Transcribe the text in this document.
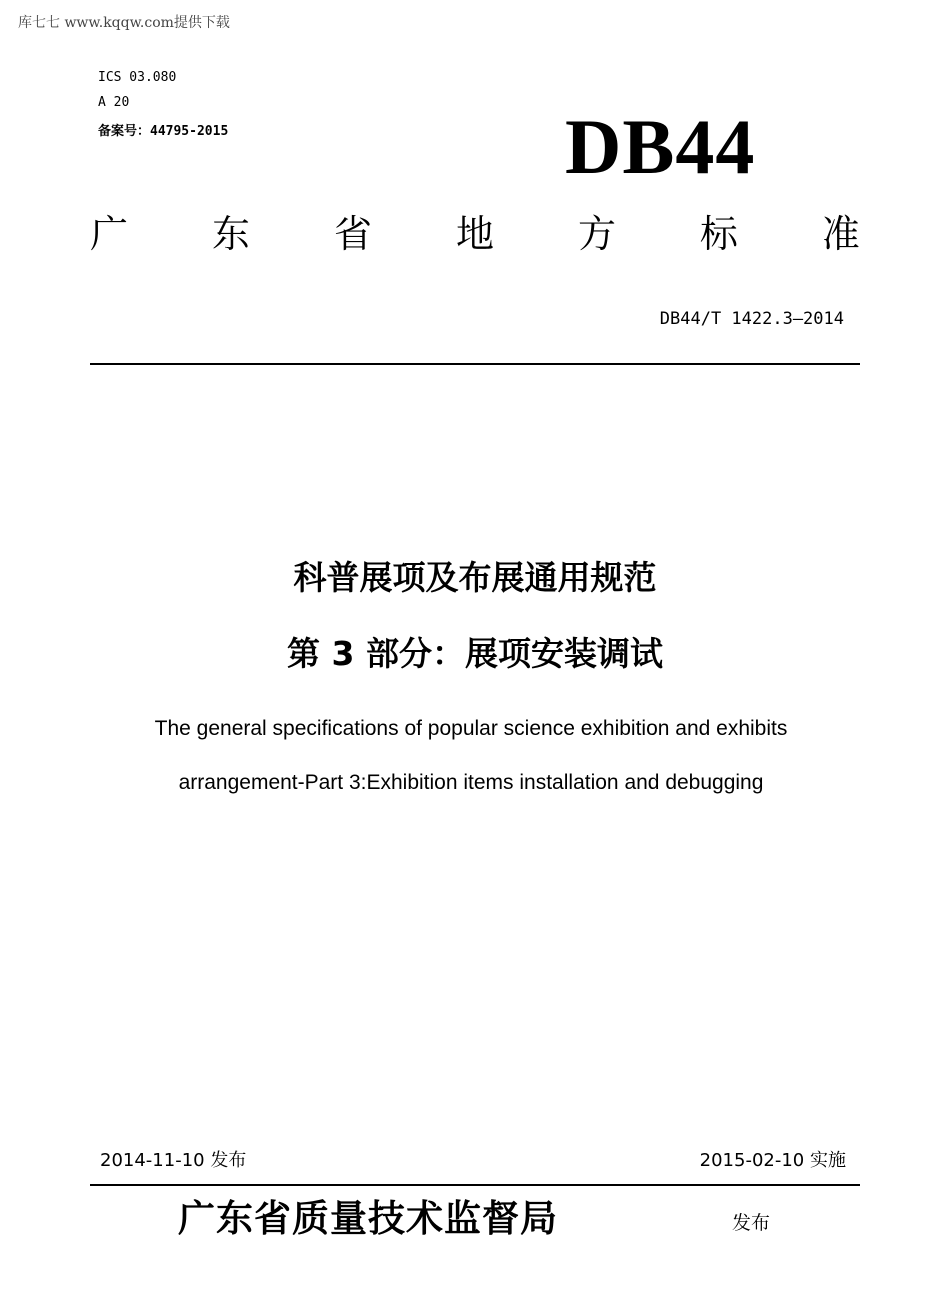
库七七 www.kqqw.com提供下载
ICS 03.080
A 20
备案号：44795-2015	DB44
广 东 省 地 方 标 准
DB44/T 1422.3—2014
科普展项及布展通用规范
第 3 部分：展项安装调试
The general specifications of popular science exhibition and exhibits
arrangement-Part 3:Exhibition items installation and debugging
2014-11-10 发布	2015-02-10 实施
广东省质量技术监督局	发布
